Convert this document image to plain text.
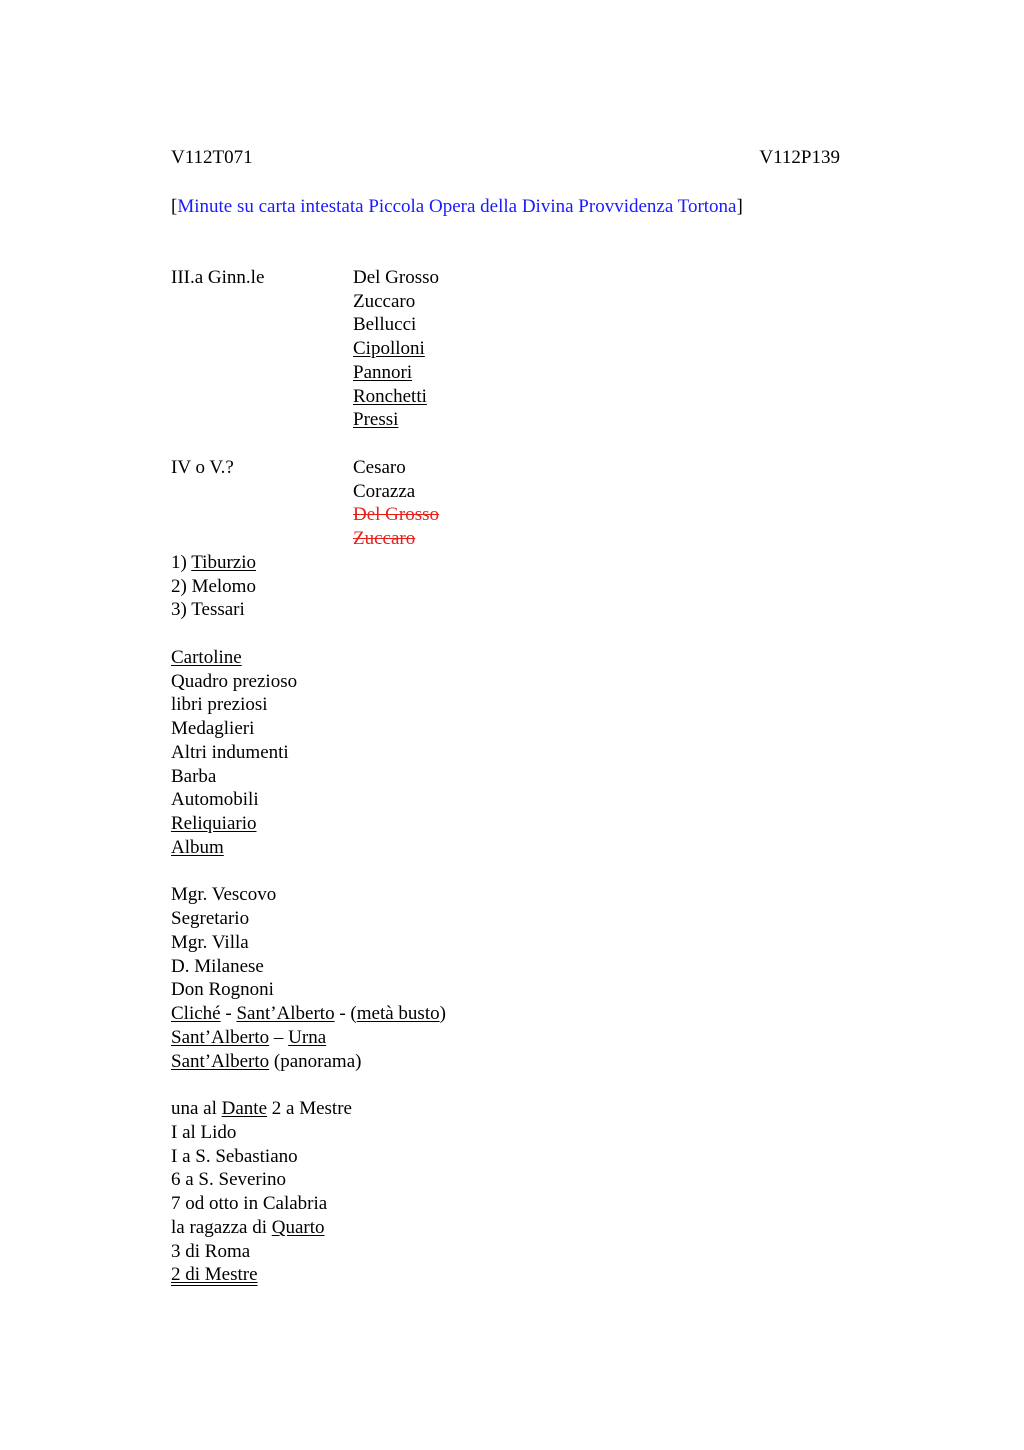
V112T071	V112P139
[Minute su carta intestata Piccola Opera della Divina Provvidenza Tortona]
III.a Ginn.le	Del Grosso
Zuccaro
Bellucci
Cipolloni
Pannori
Ronchetti
Pressi
IV o V.?	Cesaro
Corazza
Del Grosso
Zuccaro
1) Tiburzio
2) Melomo
3) Tessari
Cartoline
Quadro prezioso
libri preziosi
Medaglieri
Altri indumenti
Barba
Automobili
Reliquiario
Album
Mgr. Vescovo
Segretario
Mgr. Villa
D. Milanese
Don Rognoni
Cliché - Sant’Alberto - (metà busto)
Sant’Alberto – Urna
Sant’Alberto (panorama)
una al Dante 2 a Mestre
I al Lido
I a S. Sebastiano
6 a S. Severino
7 od otto in Calabria
la ragazza di Quarto
3 di Roma
2 di Mestre
